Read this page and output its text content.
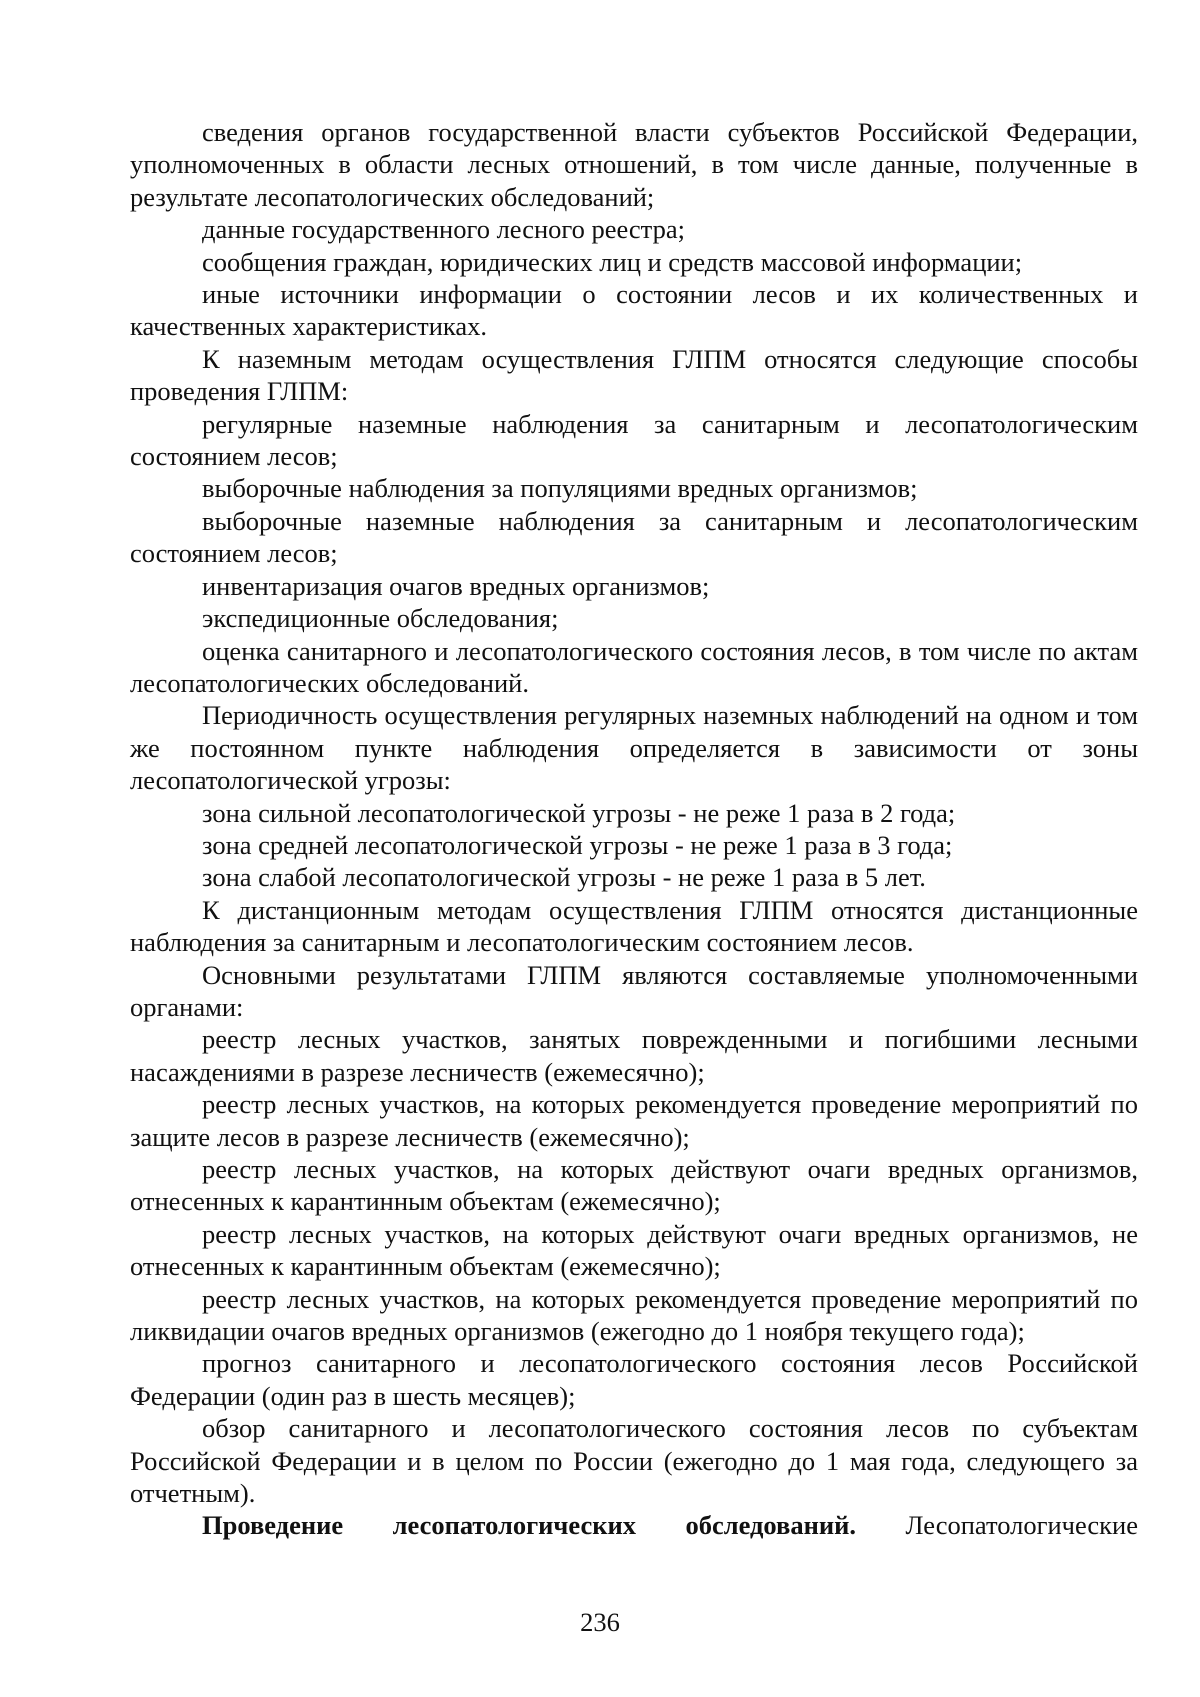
сведения органов государственной власти субъектов Российской Федерации, уполномоченных в области лесных отношений, в том числе данные, полученные в результате лесопатологических обследований;

данные государственного лесного реестра;

сообщения граждан, юридических лиц и средств массовой информации;

иные источники информации о состоянии лесов и их количественных и качественных характеристиках.

К наземным методам осуществления ГЛПМ относятся следующие способы проведения ГЛПМ:

регулярные наземные наблюдения за санитарным и лесопатологическим состоянием лесов;

выборочные наблюдения за популяциями вредных организмов;

выборочные наземные наблюдения за санитарным и лесопатологическим состоянием лесов;

инвентаризация очагов вредных организмов;

экспедиционные обследования;

оценка санитарного и лесопатологического состояния лесов, в том числе по актам лесопатологических обследований.

Периодичность осуществления регулярных наземных наблюдений на одном и том же постоянном пункте наблюдения определяется в зависимости от зоны лесопатологической угрозы:

зона сильной лесопатологической угрозы - не реже 1 раза в 2 года;

зона средней лесопатологической угрозы - не реже 1 раза в 3 года;

зона слабой лесопатологической угрозы - не реже 1 раза в 5 лет.

К дистанционным методам осуществления ГЛПМ относятся дистанционные наблюдения за санитарным и лесопатологическим состоянием лесов.

Основными результатами ГЛПМ являются составляемые уполномоченными органами:

реестр лесных участков, занятых поврежденными и погибшими лесными насаждениями в разрезе лесничеств (ежемесячно);

реестр лесных участков, на которых рекомендуется проведение мероприятий по защите лесов в разрезе лесничеств (ежемесячно);

реестр лесных участков, на которых действуют очаги вредных организмов, отнесенных к карантинным объектам (ежемесячно);

реестр лесных участков, на которых действуют очаги вредных организмов, не отнесенных к карантинным объектам (ежемесячно);

реестр лесных участков, на которых рекомендуется проведение мероприятий по ликвидации очагов вредных организмов (ежегодно до 1 ноября текущего года);

прогноз санитарного и лесопатологического состояния лесов Российской Федерации (один раз в шесть месяцев);

обзор санитарного и лесопатологического состояния лесов по субъектам Российской Федерации и в целом по России (ежегодно до 1 мая года, следующего за отчетным).

Проведение лесопатологических обследований. Лесопатологические

236
